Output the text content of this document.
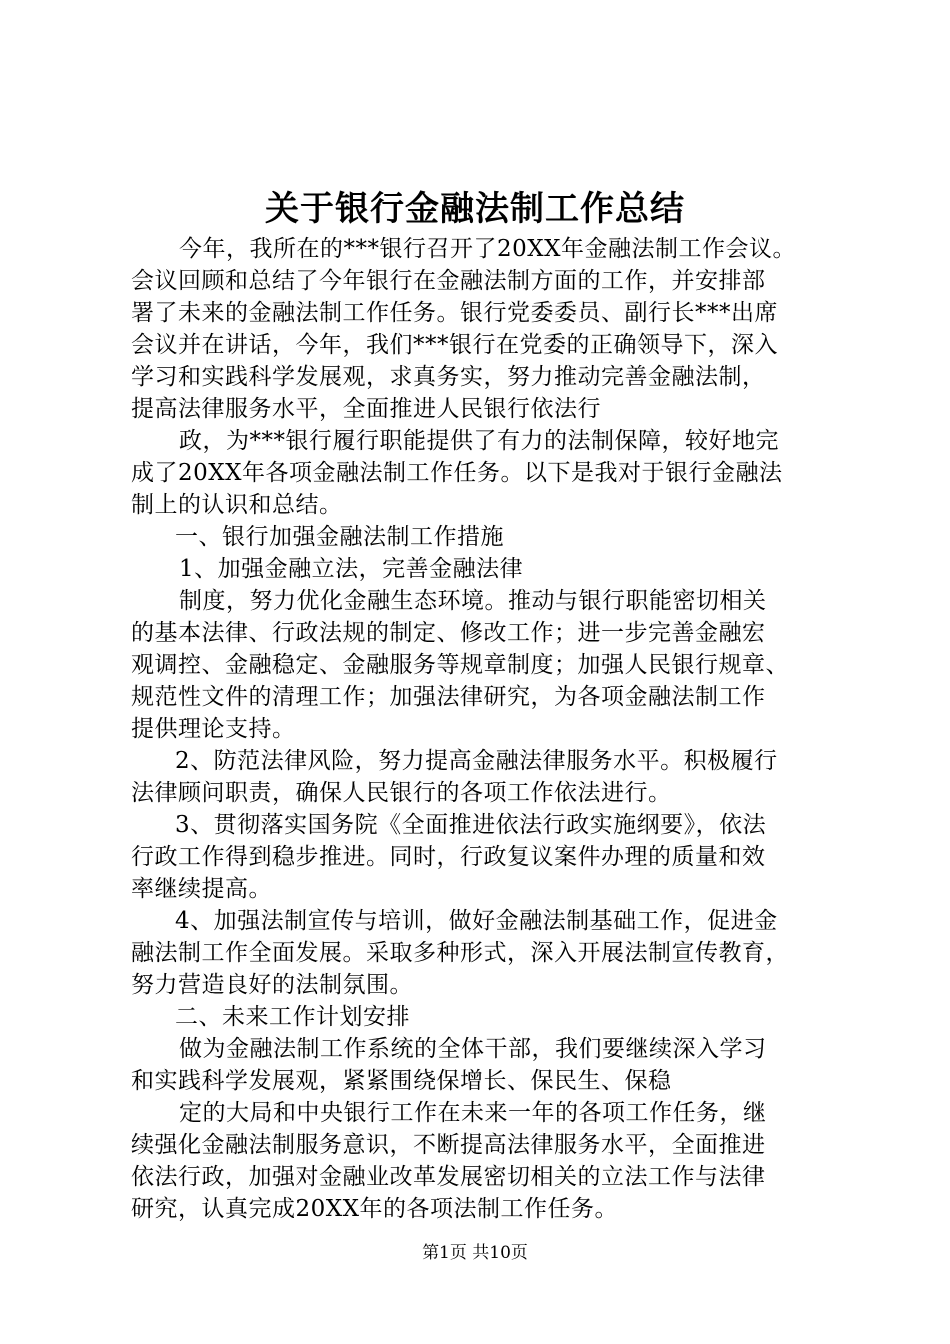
关于银行金融法制工作总结
今年，我所在的***银行召开了20XX年金融法制工作会议。
会议回顾和总结了今年银行在金融法制方面的工作，并安排部
署了未来的金融法制工作任务。银行党委委员、副行长***出席
会议并在讲话，今年，我们***银行在党委的正确领导下，深入
学习和实践科学发展观，求真务实，努力推动完善金融法制，
提高法律服务水平，全面推进人民银行依法行
政，为***银行履行职能提供了有力的法制保障，较好地完
成了20XX年各项金融法制工作任务。以下是我对于银行金融法
制上的认识和总结。
一、银行加强金融法制工作措施
1、加强金融立法，完善金融法律
制度，努力优化金融生态环境。推动与银行职能密切相关
的基本法律、行政法规的制定、修改工作；进一步完善金融宏
观调控、金融稳定、金融服务等规章制度；加强人民银行规章、
规范性文件的清理工作；加强法律研究，为各项金融法制工作
提供理论支持。
2、防范法律风险，努力提高金融法律服务水平。积极履行
法律顾问职责，确保人民银行的各项工作依法进行。
3、贯彻落实国务院《全面推进依法行政实施纲要》，依法
行政工作得到稳步推进。同时，行政复议案件办理的质量和效
率继续提高。
4、加强法制宣传与培训，做好金融法制基础工作，促进金
融法制工作全面发展。采取多种形式，深入开展法制宣传教育，
努力营造良好的法制氛围。
二、未来工作计划安排
做为金融法制工作系统的全体干部，我们要继续深入学习
和实践科学发展观，紧紧围绕保增长、保民生、保稳
定的大局和中央银行工作在未来一年的各项工作任务，继
续强化金融法制服务意识，不断提高法律服务水平，全面推进
依法行政，加强对金融业改革发展密切相关的立法工作与法律
研究，认真完成20XX年的各项法制工作任务。
第1页 共10页
